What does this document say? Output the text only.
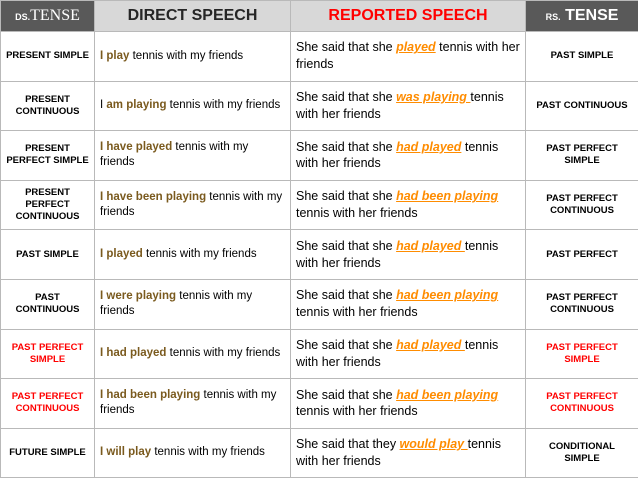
DS.TENSE	DIRECT SPEECH	REPORTED SPEECH	RS. TENSE
PRESENT SIMPLE	I play tennis with my friends	She said that she played tennis with her friends	PAST SIMPLE
PRESENT CONTINUOUS	I am playing tennis with my friends	She said that she was playing tennis with her friends	PAST CONTINUOUS
PRESENT PERFECT SIMPLE	I have played tennis with my friends	She said that she had played tennis with her friends	PAST PERFECT SIMPLE
PRESENT PERFECT CONTINUOUS	I have been playing tennis with my friends	She said that she had been playing tennis with her friends	PAST PERFECT CONTINUOUS
PAST SIMPLE	I played tennis with my friends	She said that she had played tennis with her friends	PAST PERFECT
PAST CONTINUOUS	I were playing tennis with my friends	She said that she had been playing tennis with her friends	PAST PERFECT CONTINUOUS
PAST PERFECT SIMPLE	I had played tennis with my friends	She said that she had played tennis with her friends	PAST PERFECT SIMPLE
PAST PERFECT CONTINUOUS	I had been playing tennis with my friends	She said that she had been playing tennis with her friends	PAST PERFECT CONTINUOUS
FUTURE SIMPLE	I will play tennis with my friends	She said that they would play tennis with her friends	CONDITIONAL SIMPLE
